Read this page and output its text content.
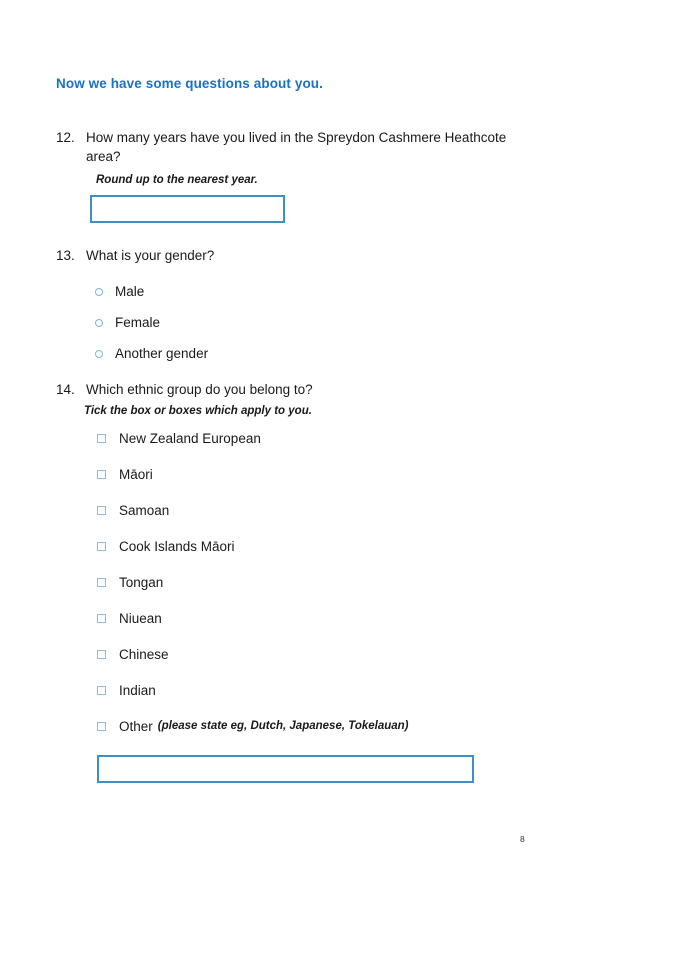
Now we have some questions about you.
12. How many years have you lived in the Spreydon Cashmere Heathcote area?
Round up to the nearest year.
13. What is your gender?
Male
Female
Another gender
14. Which ethnic group do you belong to?
Tick the box or boxes which apply to you.
New Zealand European
Māori
Samoan
Cook Islands Māori
Tongan
Niuean
Chinese
Indian
Other (please state eg, Dutch, Japanese, Tokelauan)
8
